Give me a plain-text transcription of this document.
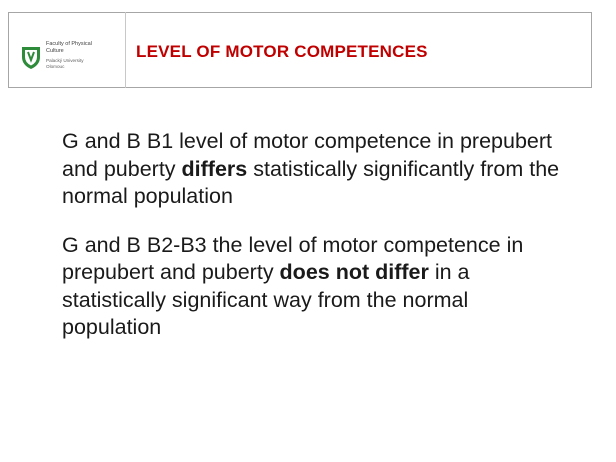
Faculty of Physical
Culture
Palacký University
Olomouc
LEVEL OF MOTOR COMPETENCES

G and B B1 level of motor competence in prepubert and puberty differs statistically significantly from the normal population

G and B B2-B3 the level of motor competence in prepubert and puberty does not differ in a statistically significant way from the normal population
